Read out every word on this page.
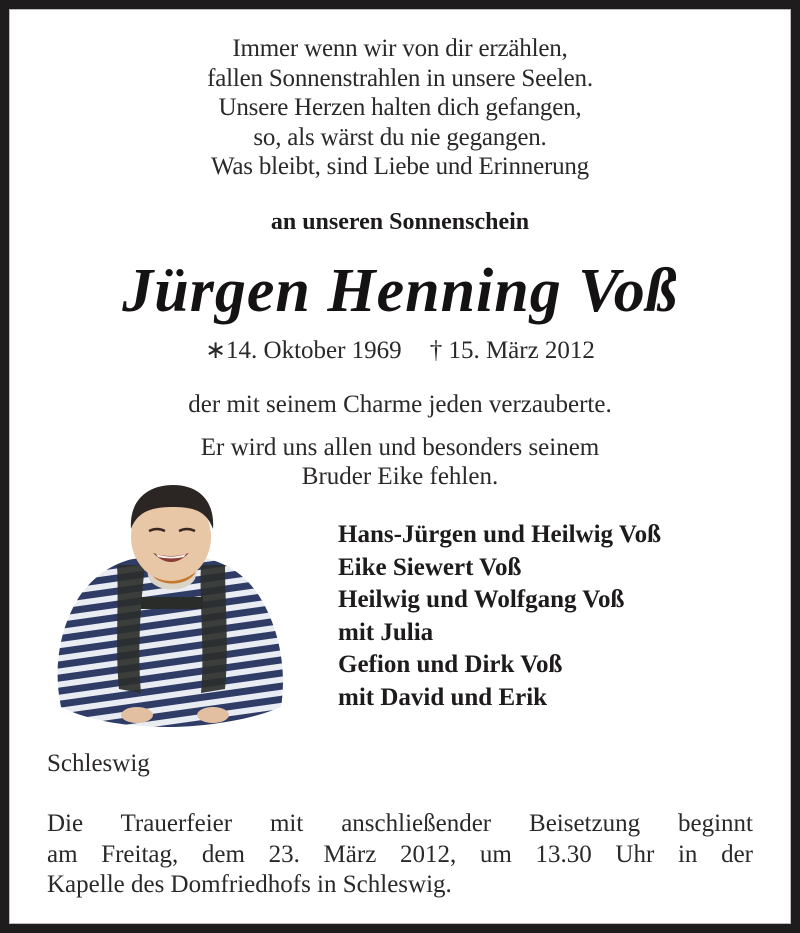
Immer wenn wir von dir erzählen,
fallen Sonnenstrahlen in unsere Seelen.
Unsere Herzen halten dich gefangen,
so, als wärst du nie gegangen.
Was bleibt, sind Liebe und Erinnerung
an unseren Sonnenschein
Jürgen Henning Voß
∗14. Oktober 1969 † 15. März 2012
der mit seinem Charme jeden verzauberte.
Er wird uns allen und besonders seinem
Bruder Eike fehlen.
Hans-Jürgen und Heilwig Voß
Eike Siewert Voß
Heilwig und Wolfgang Voß
mit Julia
Gefion und Dirk Voß
mit David und Erik
Schleswig
Die Trauerfeier mit anschließender Beisetzung beginnt
am Freitag, dem 23. März 2012, um 13.30 Uhr in der
Kapelle des Domfriedhofs in Schleswig.
